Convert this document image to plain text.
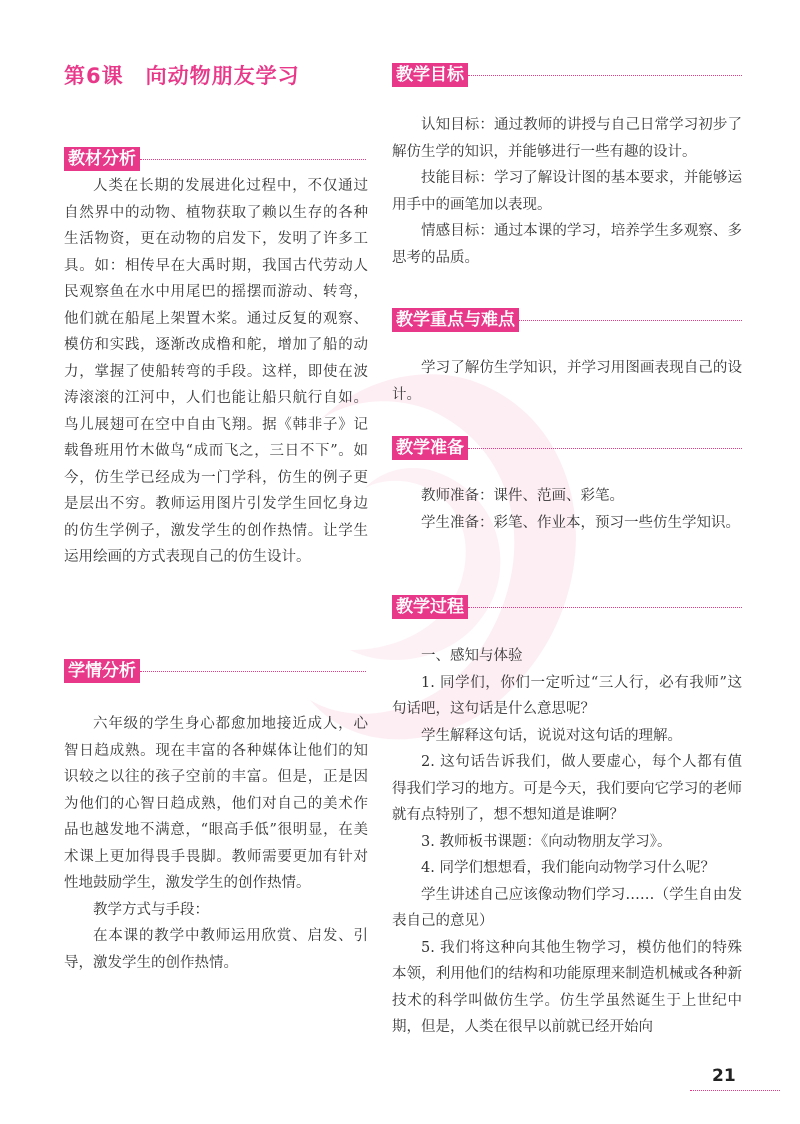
第6课　向动物朋友学习
教材分析

人类在长期的发展进化过程中，不仅通过自然界中的动物、植物获取了赖以生存的各种生活物资，更在动物的启发下，发明了许多工具。如：相传早在大禹时期，我国古代劳动人民观察鱼在水中用尾巴的摇摆而游动、转弯，他们就在船尾上架置木桨。通过反复的观察、模仿和实践，逐渐改成橹和舵，增加了船的动力，掌握了使船转弯的手段。这样，即使在波涛滚滚的江河中，人们也能让船只航行自如。鸟儿展翅可在空中自由飞翔。据《韩非子》记载鲁班用竹木做鸟“成而飞之，三日不下”。如今，仿生学已经成为一门学科，仿生的例子更是层出不穷。教师运用图片引发学生回忆身边的仿生学例子，激发学生的创作热情。让学生运用绘画的方式表现自己的仿生设计。

学情分析

六年级的学生身心都愈加地接近成人，心智日趋成熟。现在丰富的各种媒体让他们的知识较之以往的孩子空前的丰富。但是，正是因为他们的心智日趋成熟，他们对自己的美术作品也越发地不满意，“眼高手低”很明显，在美术课上更加得畏手畏脚。教师需要更加有针对性地鼓励学生，激发学生的创作热情。

教学方式与手段：

在本课的教学中教师运用欣赏、启发、引导，激发学生的创作热情。

教学目标

认知目标：通过教师的讲授与自己日常学习初步了解仿生学的知识，并能够进行一些有趣的设计。

技能目标：学习了解设计图的基本要求，并能够运用手中的画笔加以表现。

情感目标：通过本课的学习，培养学生多观察、多思考的品质。

教学重点与难点

学习了解仿生学知识，并学习用图画表现自己的设计。

教学准备

教师准备：课件、范画、彩笔。

学生准备：彩笔、作业本，预习一些仿生学知识。

教学过程

一、感知与体验

1. 同学们，你们一定听过“三人行，必有我师”这句话吧，这句话是什么意思呢？

学生解释这句话，说说对这句话的理解。

2. 这句话告诉我们，做人要虚心，每个人都有值得我们学习的地方。可是今天，我们要向它学习的老师就有点特别了，想不想知道是谁啊？

3. 教师板书课题：《向动物朋友学习》。

4. 同学们想想看，我们能向动物学习什么呢？

学生讲述自己应该像动物们学习……（学生自由发表自己的意见）

5. 我们将这种向其他生物学习，模仿他们的特殊本领，利用他们的结构和功能原理来制造机械或各种新技术的科学叫做仿生学。仿生学虽然诞生于上世纪中期，但是，人类在很早以前就已经开始向

21
